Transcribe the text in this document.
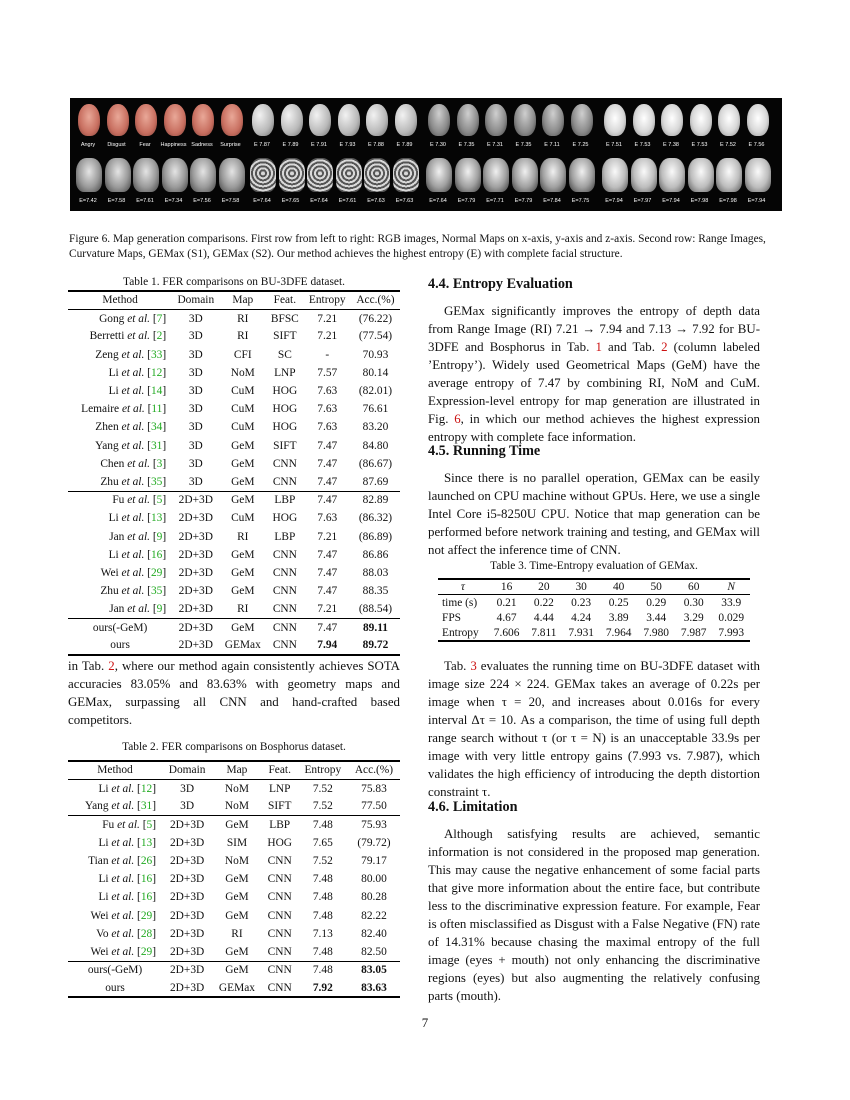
Angry	Disgust	Fear	Happiness Sadness	Surprise	E 7.87	E 7.89	E 7.91	E 7.93	E 7.88	E 7.89	E 7.30	E 7.35	E 7.31	E 7.35	E 7.11	E 7.25	E 7.51	E 7.53	E 7.38	E 7.53	E 7.52	E 7.56
E=7.42	E=7.58	E=7.61	E=7.34	E=7.56	E=7.58	E=7.64	E=7.65	E=7.64	E=7.61	E=7.63	E=7.63	E=7.64	E=7.79	E=7.71	E=7.79	E=7.84	E=7.75	E=7.94	E=7.97	E=7.94	E=7.98	E=7.98	E=7.94
Figure 6. Map generation comparisons. First row from left to right: RGB images, Normal Maps on x-axis, y-axis and z-axis. Second row: Range Images, Curvature Maps, GEMax (S1), GEMax (S2). Our method achieves the highest entropy (E) with complete facial structure.
Table 1. FER comparisons on BU-3DFE dataset.
Method	Domain	Map	Feat.	Entropy	Acc.(%)
Gong et al. [7]	3D	RI	BFSC	7.21	(76.22)
Berretti et al. [2]	3D	RI	SIFT	7.21	(77.54)
Zeng et al. [33]	3D	CFI	SC	-	70.93
Li et al. [12]	3D	NoM	LNP	7.57	80.14
Li et al. [14]	3D	CuM	HOG	7.63	(82.01)
Lemaire et al. [11]	3D	CuM	HOG	7.63	76.61
Zhen et al. [34]	3D	CuM	HOG	7.63	83.20
Yang et al. [31]	3D	GeM	SIFT	7.47	84.80
Chen et al. [3]	3D	GeM	CNN	7.47	(86.67)
Zhu et al. [35]	3D	GeM	CNN	7.47	87.69
Fu et al. [5]	2D+3D	GeM	LBP	7.47	82.89
Li et al. [13]	2D+3D	CuM	HOG	7.63	(86.32)
Jan et al. [9]	2D+3D	RI	LBP	7.21	(86.89)
Li et al. [16]	2D+3D	GeM	CNN	7.47	86.86
Wei et al. [29]	2D+3D	GeM	CNN	7.47	88.03
Zhu et al. [35]	2D+3D	GeM	CNN	7.47	88.35
Jan et al. [9]	2D+3D	RI	CNN	7.21	(88.54)
ours(-GeM)	2D+3D	GeM	CNN	7.47	89.11
ours	2D+3D	GEMax	CNN	7.94	89.72
in Tab. 2, where our method again consistently achieves SOTA accuracies 83.05% and 83.63% with geometry maps and GEMax, surpassing all CNN and hand-crafted based competitors.
Table 2. FER comparisons on Bosphorus dataset.
Method	Domain	Map	Feat.	Entropy	Acc.(%)
Li et al. [12]	3D	NoM	LNP	7.52	75.83
Yang et al. [31]	3D	NoM	SIFT	7.52	77.50
Fu et al. [5]	2D+3D	GeM	LBP	7.48	75.93
Li et al. [13]	2D+3D	SIM	HOG	7.65	(79.72)
Tian et al. [26]	2D+3D	NoM	CNN	7.52	79.17
Li et al. [16]	2D+3D	GeM	CNN	7.48	80.00
Li et al. [16]	2D+3D	GeM	CNN	7.48	80.28
Wei et al. [29]	2D+3D	GeM	CNN	7.48	82.22
Vo et al. [28]	2D+3D	RI	CNN	7.13	82.40
Wei et al. [29]	2D+3D	GeM	CNN	7.48	82.50
ours(-GeM)	2D+3D	GeM	CNN	7.48	83.05
ours	2D+3D	GEMax	CNN	7.92	83.63
4.4. Entropy Evaluation

GEMax significantly improves the entropy of depth data from Range Image (RI) 7.21 → 7.94 and 7.13 → 7.92 for BU-3DFE and Bosphorus in Tab. 1 and Tab. 2 (column labeled ’Entropy’). Widely used Geometrical Maps (GeM) have the average entropy of 7.47 by combining RI, NoM and CuM. Expression-level entropy for map generation are illustrated in Fig. 6, in which our method achieves the highest expression entropy with complete face information.

4.5. Running Time

Since there is no parallel operation, GEMax can be easily launched on CPU machine without GPUs. Here, we use a single Intel Core i5-8250U CPU. Notice that map generation can be performed before network training and testing, and GEMax will not affect the inference time of CNN.

Table 3. Time-Entropy evaluation of GEMax.
τ	16	20	30	40	50	60	N
time (s)	0.21	0.22	0.23	0.25	0.29	0.30	33.9
FPS	4.67	4.44	4.24	3.89	3.44	3.29	0.029
Entropy	7.606	7.811	7.931	7.964	7.980	7.987	7.993

Tab. 3 evaluates the running time on BU-3DFE dataset with image size 224 × 224. GEMax takes an average of 0.22s per image when τ = 20, and increases about 0.016s for every interval Δτ = 10. As a comparison, the time of using full depth range search without τ (or τ = N) is an unacceptable 33.9s per image with very little entropy gains (7.993 vs. 7.987), which validates the high efficiency of introducing the depth distortion constraint τ.

4.6. Limitation

Although satisfying results are achieved, semantic information is not considered in the proposed map generation. This may cause the negative enhancement of some facial parts that give more information about the entire face, but contribute less to the discriminative expression feature. For example, Fear is often misclassified as Disgust with a False Negative (FN) rate of 14.31% because chasing the maximal entropy of the full image (eyes + mouth) not only enhancing the discriminative regions (eyes) but also augmenting the relatively confusing parts (mouth).

7
